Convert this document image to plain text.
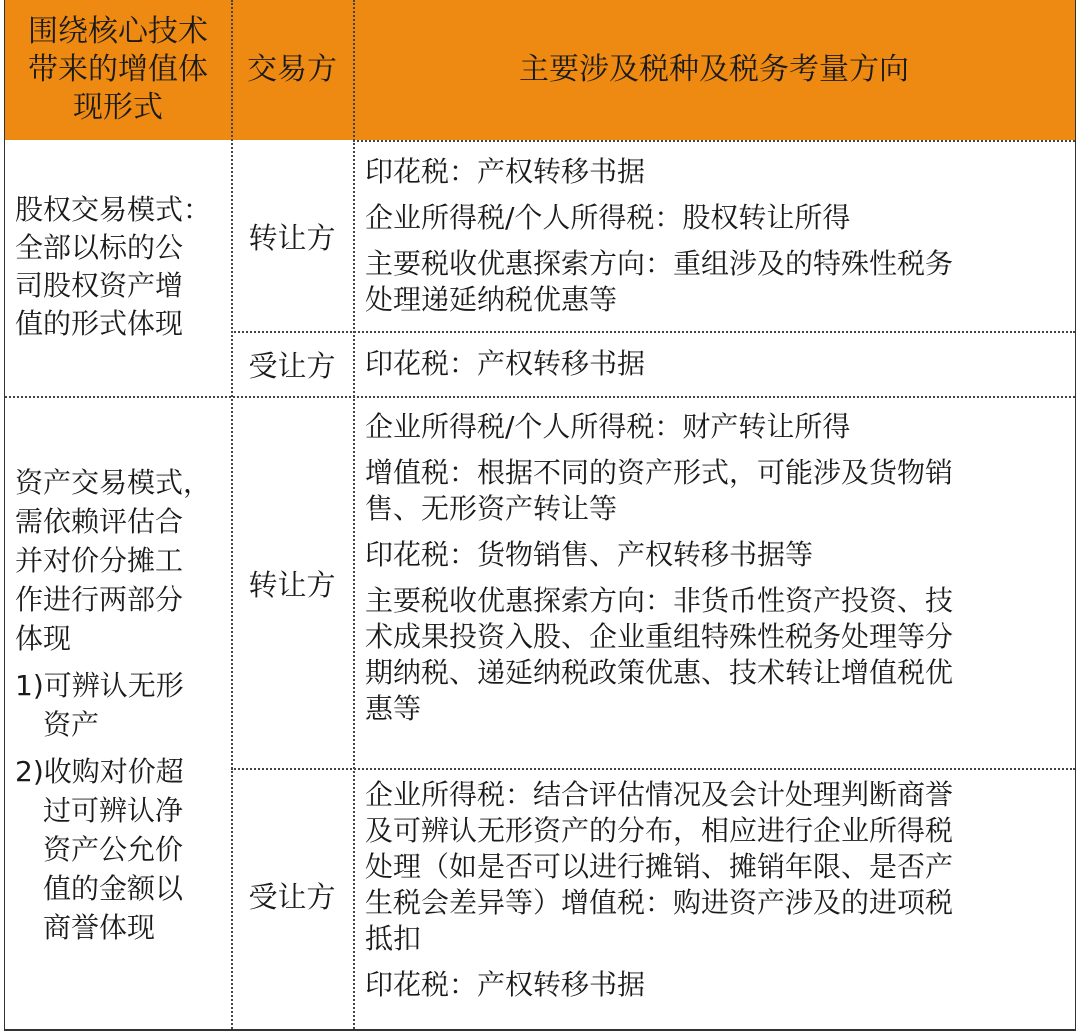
围绕核心技术
带来的增值体
现形式
交易方	主要涉及税种及税务考量方向
股权交易模式：
全部以标的公
司股权资产增
值的形式体现
转让方
受让方
印花税：产权转移书据
企业所得税/个人所得税：股权转让所得
主要税收优惠探索方向：重组涉及的特殊性税务
处理递延纳税优惠等
印花税：产权转移书据
资产交易模式，
需依赖评估合
并对价分摊工
作进行两部分
体现
1)可辨认无形
资产
2)收购对价超
过可辨认净
资产公允价
值的金额以
商誉体现
转让方
受让方
企业所得税/个人所得税：财产转让所得
增值税：根据不同的资产形式，可能涉及货物销
售、无形资产转让等
印花税：货物销售、产权转移书据等
主要税收优惠探索方向：非货币性资产投资、技
术成果投资入股、企业重组特殊性税务处理等分
期纳税、递延纳税政策优惠、技术转让增值税优
惠等
企业所得税：结合评估情况及会计处理判断商誉
及可辨认无形资产的分布，相应进行企业所得税
处理（如是否可以进行摊销、摊销年限、是否产
生税会差异等）增值税：购进资产涉及的进项税
抵扣
印花税：产权转移书据
